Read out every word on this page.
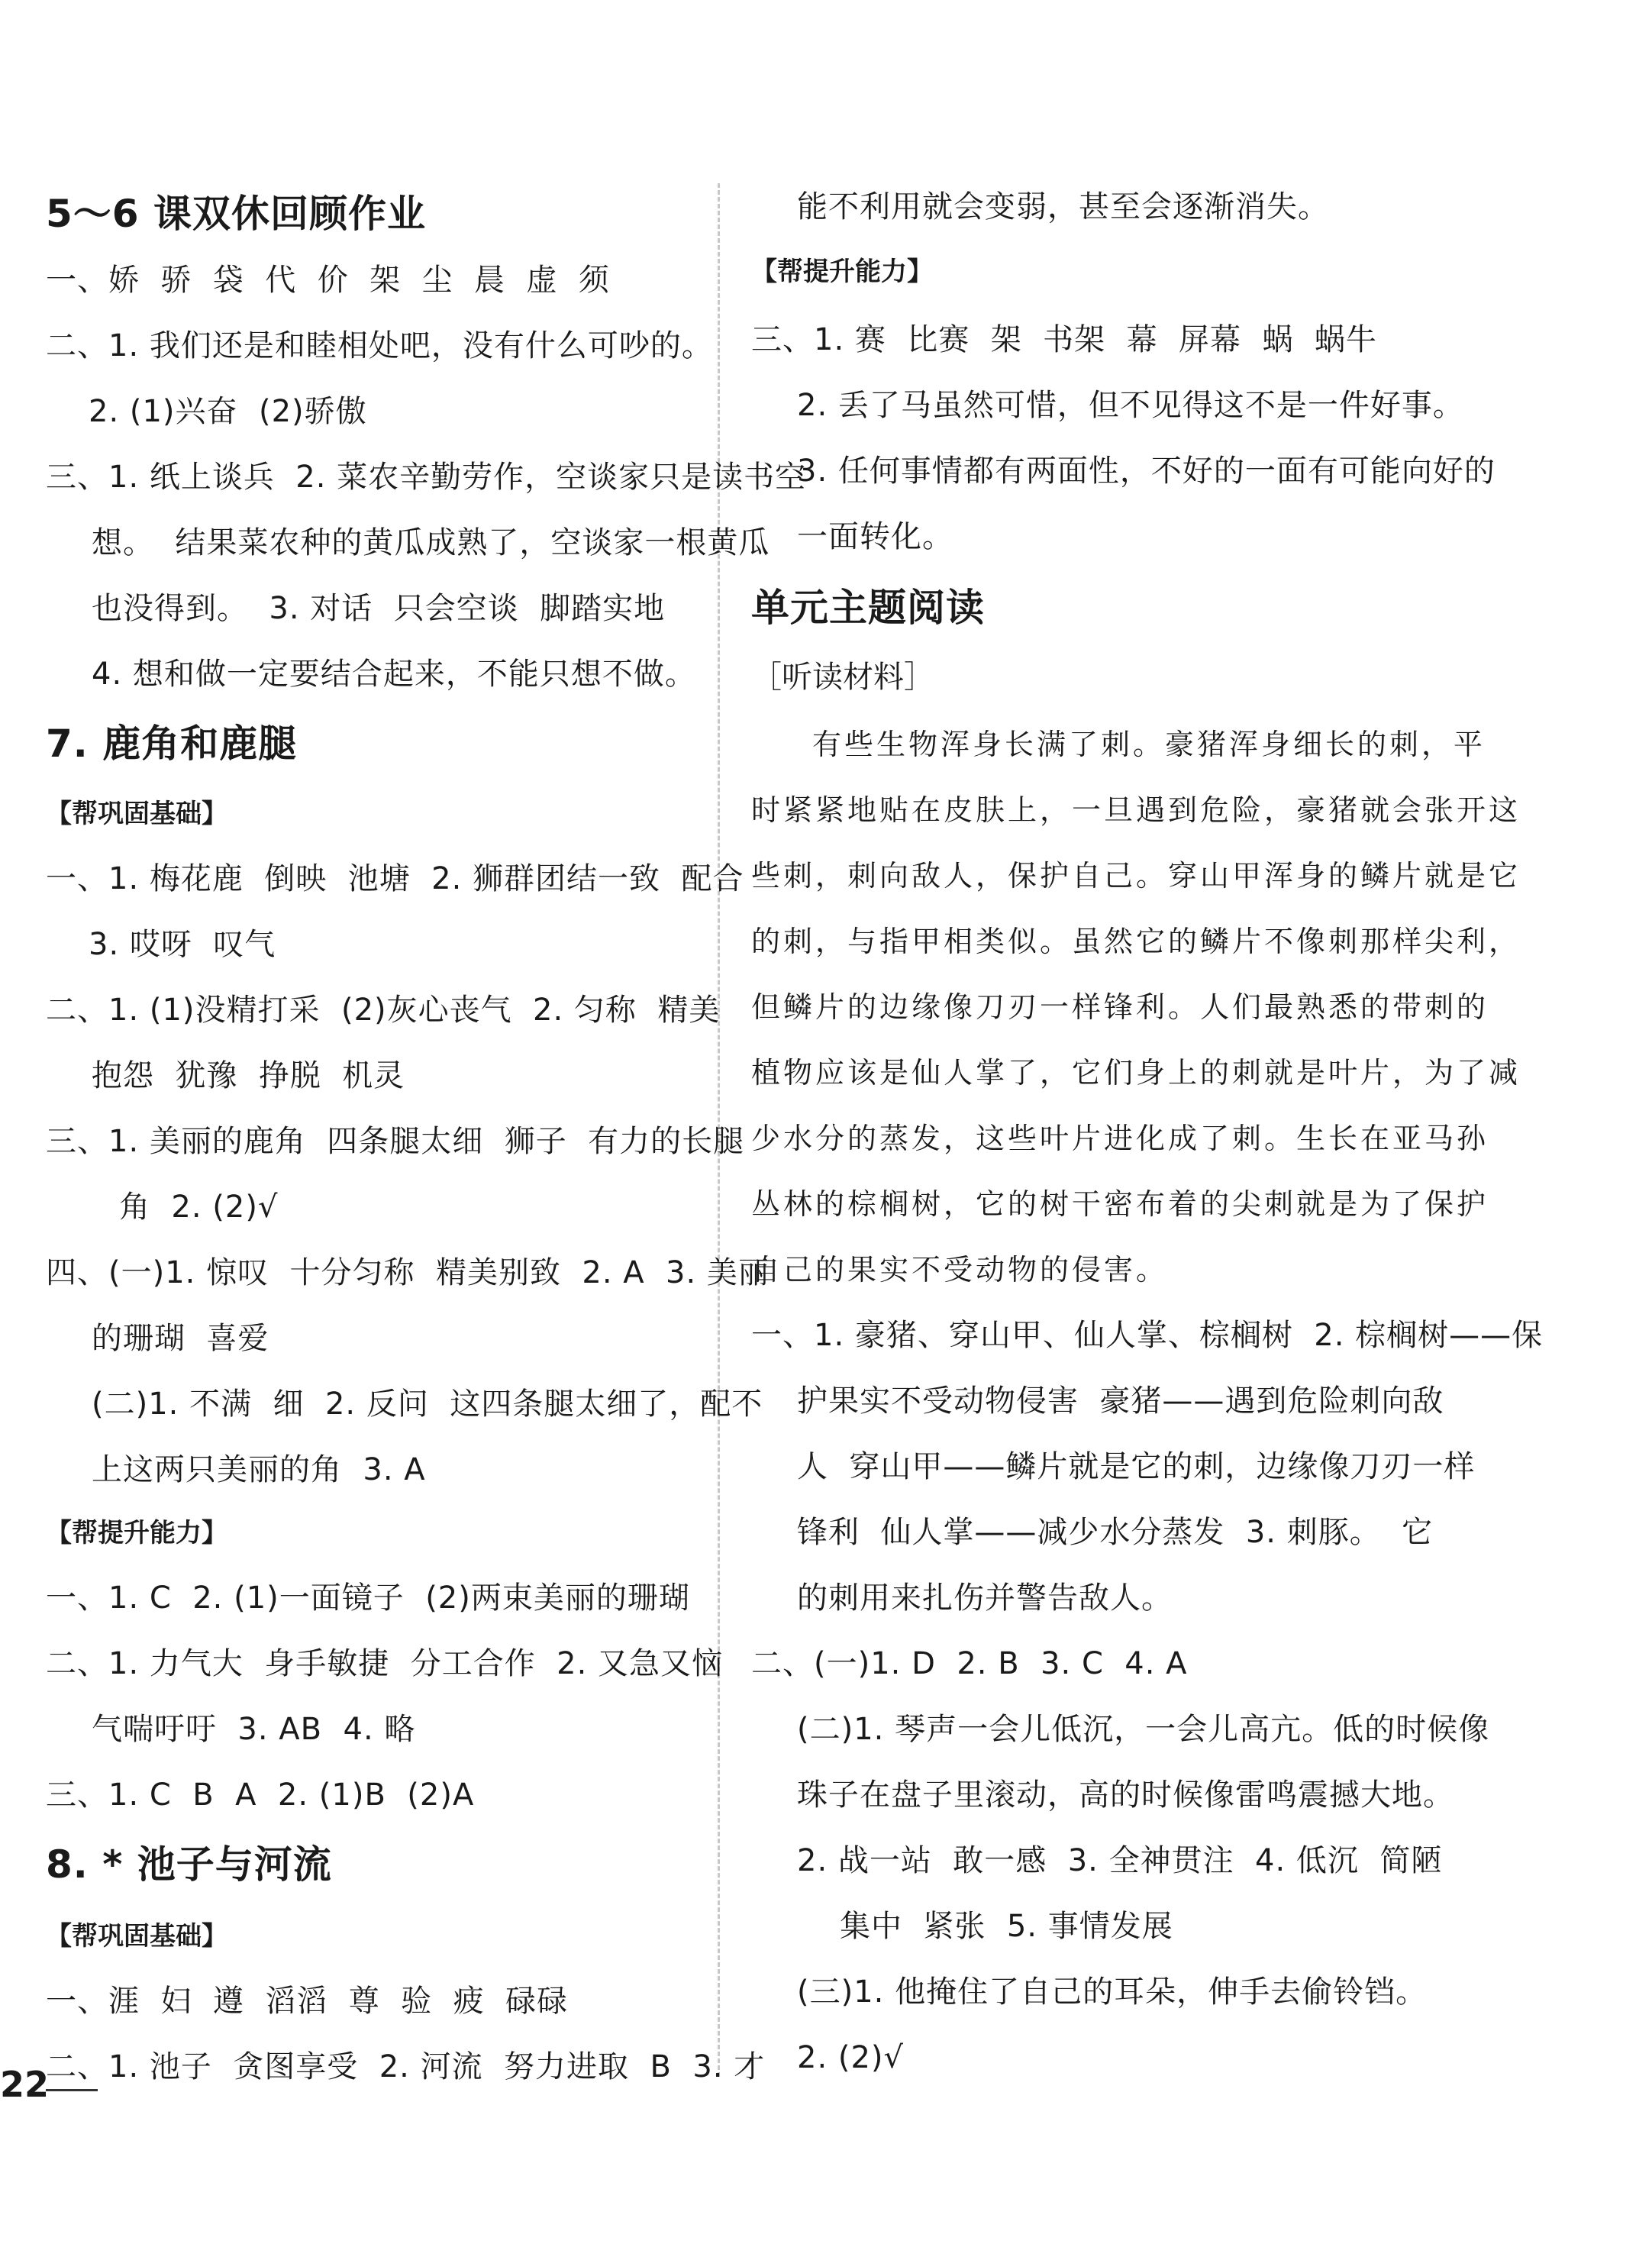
5～6 课双休回顾作业
一、娇  骄  袋  代  价  架  尘  晨  虚  须
二、1. 我们还是和睦相处吧，没有什么可吵的。
2. (1)兴奋  (2)骄傲
三、1. 纸上谈兵  2. 菜农辛勤劳作，空谈家只是读书空
想。  结果菜农种的黄瓜成熟了，空谈家一根黄瓜
也没得到。  3. 对话  只会空谈  脚踏实地
4. 想和做一定要结合起来，不能只想不做。
7. 鹿角和鹿腿
【帮巩固基础】
一、1. 梅花鹿  倒映  池塘  2. 狮群团结一致  配合
3. 哎呀  叹气
二、1. (1)没精打采  (2)灰心丧气  2. 匀称  精美
抱怨  犹豫  挣脱  机灵
三、1. 美丽的鹿角  四条腿太细  狮子  有力的长腿
角  2. (2)√
四、(一)1. 惊叹  十分匀称  精美别致  2. A  3. 美丽
的珊瑚  喜爱
(二)1. 不满  细  2. 反问  这四条腿太细了，配不
上这两只美丽的角  3. A
【帮提升能力】
一、1. C  2. (1)一面镜子  (2)两束美丽的珊瑚
二、1. 力气大  身手敏捷  分工合作  2. 又急又恼
气喘吁吁  3. AB  4. 略
三、1. C  B  A  2. (1)B  (2)A
8. * 池子与河流
【帮巩固基础】
一、涯  妇  遵  滔滔  尊  验  疲  碌碌
二、1. 池子  贪图享受  2. 河流  努力进取  B  3. 才
能不利用就会变弱，甚至会逐渐消失。
【帮提升能力】
三、1. 赛  比赛  架  书架  幕  屏幕  蜗  蜗牛
2. 丢了马虽然可惜，但不见得这不是一件好事。
3. 任何事情都有两面性，不好的一面有可能向好的
一面转化。
单元主题阅读
［听读材料］
有些生物浑身长满了刺。豪猪浑身细长的刺，平
时紧紧地贴在皮肤上，一旦遇到危险，豪猪就会张开这
些刺，刺向敌人，保护自己。穿山甲浑身的鳞片就是它
的刺，与指甲相类似。虽然它的鳞片不像刺那样尖利，
但鳞片的边缘像刀刃一样锋利。人们最熟悉的带刺的
植物应该是仙人掌了，它们身上的刺就是叶片，为了减
少水分的蒸发，这些叶片进化成了刺。生长在亚马孙
丛林的棕榈树，它的树干密布着的尖刺就是为了保护
自己的果实不受动物的侵害。
一、1. 豪猪、穿山甲、仙人掌、棕榈树  2. 棕榈树——保
护果实不受动物侵害  豪猪——遇到危险刺向敌
人  穿山甲——鳞片就是它的刺，边缘像刀刃一样
锋利  仙人掌——减少水分蒸发  3. 刺豚。  它
的刺用来扎伤并警告敌人。
二、(一)1. D  2. B  3. C  4. A
(二)1. 琴声一会儿低沉，一会儿高亢。低的时候像
珠子在盘子里滚动，高的时候像雷鸣震撼大地。
2. 战一站  敢一感  3. 全神贯注  4. 低沉  简陋
集中  紧张  5. 事情发展
(三)1. 他掩住了自己的耳朵，伸手去偷铃铛。
2. (2)√
22
